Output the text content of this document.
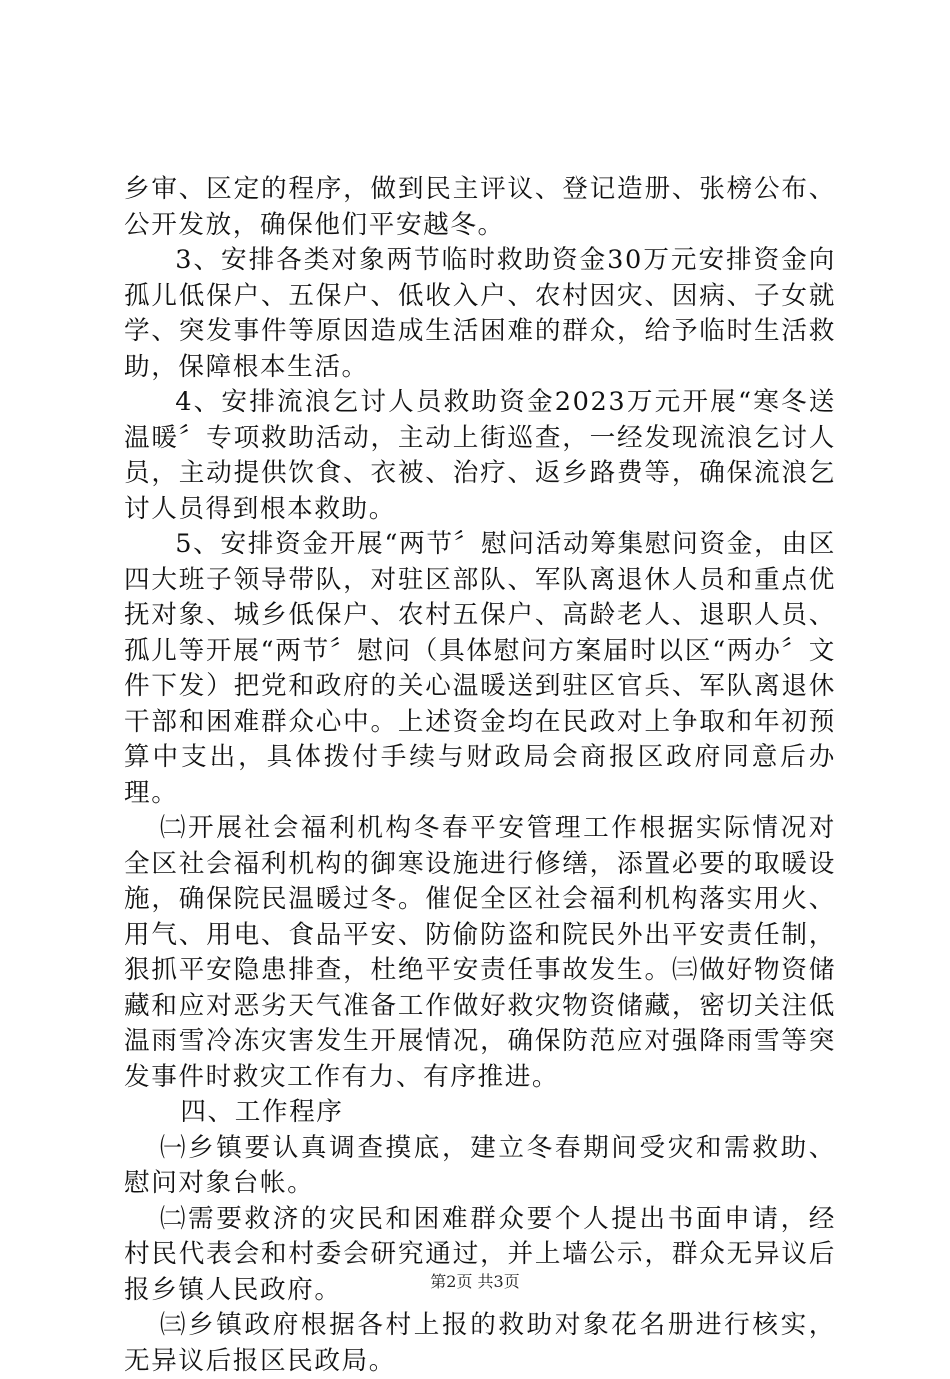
乡审、区定的程序，做到民主评议、登记造册、张榜公布、公开发放，确保他们平安越冬。

3、安排各类对象两节临时救助资金30万元安排资金向孤儿低保户、五保户、低收入户、农村因灾、因病、子女就学、突发事件等原因造成生活困难的群众，给予临时生活救助，保障根本生活。

4、安排流浪乞讨人员救助资金2023万元开展“寒冬送温暖〞专项救助活动，主动上街巡查，一经发现流浪乞讨人员，主动提供饮食、衣被、治疗、返乡路费等，确保流浪乞讨人员得到根本救助。

5、安排资金开展“两节〞慰问活动筹集慰问资金，由区四大班子领导带队，对驻区部队、军队离退休人员和重点优抚对象、城乡低保户、农村五保户、高龄老人、退职人员、孤儿等开展“两节〞慰问（具体慰问方案届时以区“两办〞文件下发）把党和政府的关心温暖送到驻区官兵、军队离退休干部和困难群众心中。上述资金均在民政对上争取和年初预算中支出，具体拨付手续与财政局会商报区政府同意后办理。

㈡开展社会福利机构冬春平安管理工作根据实际情况对全区社会福利机构的御寒设施进行修缮，添置必要的取暖设施，确保院民温暖过冬。催促全区社会福利机构落实用火、用气、用电、食品平安、防偷防盗和院民外出平安责任制，狠抓平安隐患排查，杜绝平安责任事故发生。㈢做好物资储藏和应对恶劣天气准备工作做好救灾物资储藏，密切关注低温雨雪冷冻灾害发生开展情况，确保防范应对强降雨雪等突发事件时救灾工作有力、有序推进。

四、工作程序

㈠乡镇要认真调查摸底，建立冬春期间受灾和需救助、慰问对象台帐。

㈡需要救济的灾民和困难群众要个人提出书面申请，经村民代表会和村委会研究通过，并上墙公示，群众无异议后报乡镇人民政府。

㈢乡镇政府根据各村上报的救助对象花名册进行核实，无异议后报区民政局。

第2页 共3页
